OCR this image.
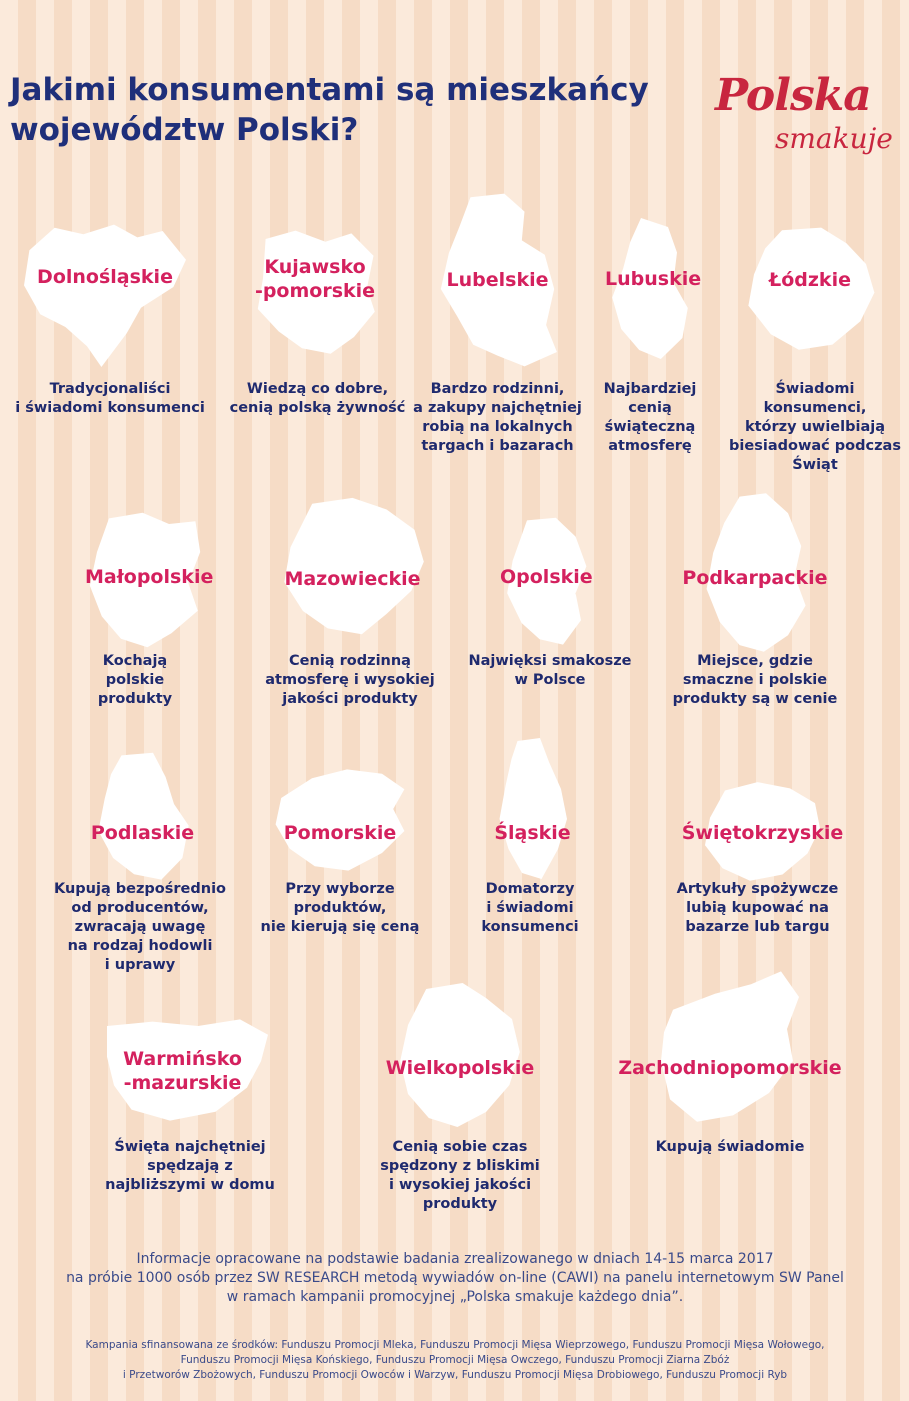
Jakimi konsumentami są mieszkańcy
województw Polski?
Polska
smakuje
Dolnośląskie
Tradycjonaliści
i świadomi konsumenci
Kujawsko
-pomorskie
Wiedzą co dobre,
cenią polską żywność
Lubelskie
Bardzo rodzinni,
a zakupy najchętniej
robią na lokalnych
targach i bazarach
Lubuskie
Najbardziej
cenią
świąteczną
atmosferę
Łódzkie
Świadomi konsumenci,
którzy uwielbiają
biesiadować podczas
Świąt
Małopolskie
Kochają
polskie
produkty
Mazowieckie
Cenią rodzinną
atmosferę i wysokiej
jakości produkty
Opolskie
Najwięksi smakosze
w Polsce
Podkarpackie
Miejsce, gdzie
smaczne i polskie
produkty są w cenie
Podlaskie
Kupują bezpośrednio
od producentów,
zwracają uwagę
na rodzaj hodowli
i uprawy
Pomorskie
Przy wyborze
produktów,
nie kierują się ceną
Śląskie
Domatorzy
i świadomi
konsumenci
Świętokrzyskie
Artykuły spożywcze
lubią kupować na
bazarze lub targu
Warmińsko
-mazurskie
Święta najchętniej
spędzają z
najbliższymi w domu
Wielkopolskie
Cenią sobie czas
spędzony z bliskimi
i wysokiej jakości
produkty
Zachodniopomorskie
Kupują świadomie
Informacje opracowane na podstawie badania zrealizowanego w dniach 14-15 marca 2017
na próbie 1000 osób przez SW RESEARCH metodą wywiadów on-line (CAWI) na panelu internetowym SW Panel
w ramach kampanii promocyjnej „Polska smakuje każdego dnia”.
Kampania sfinansowana ze środków: Funduszu Promocji Mleka, Funduszu Promocji Mięsa Wieprzowego, Funduszu Promocji Mięsa Wołowego,
Funduszu Promocji Mięsa Końskiego, Funduszu Promocji Mięsa Owczego, Funduszu Promocji Ziarna Zbóż
i Przetworów Zbożowych, Funduszu Promocji Owoców i Warzyw, Funduszu Promocji Mięsa Drobiowego, Funduszu Promocji Ryb
